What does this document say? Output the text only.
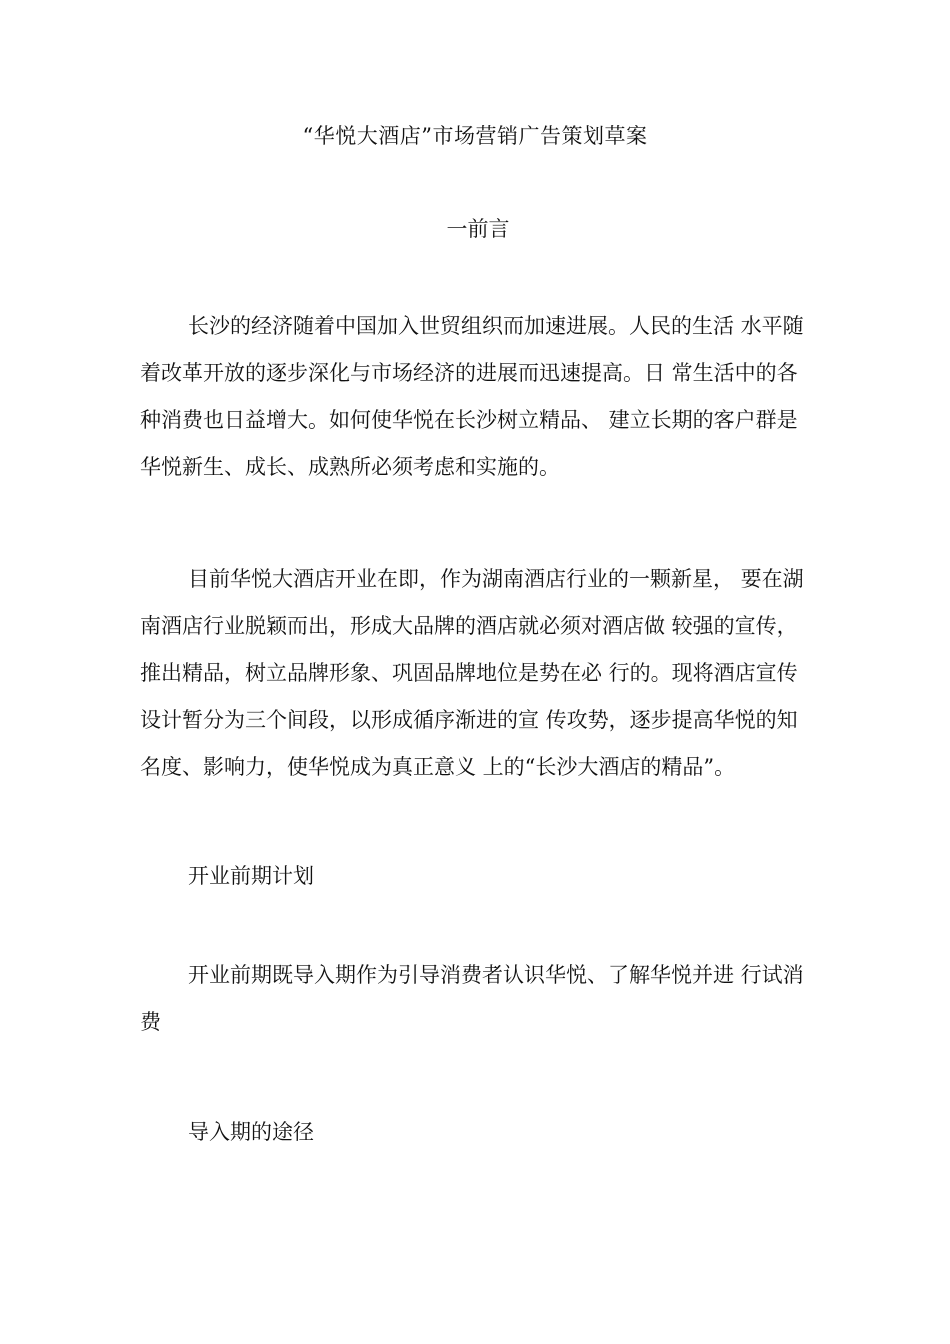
“华悦大酒店”市场营销广告策划草案
一前言
长沙的经济随着中国加入世贸组织而加速进展。人民的生活 水平随
着改革开放的逐步深化与市场经济的进展而迅速提高。日 常生活中的各
种消费也日益增大。如何使华悦在长沙树立精品、 建立长期的客户群是
华悦新生、成长、成熟所必须考虑和实施的。
目前华悦大酒店开业在即，作为湖南酒店行业的一颗新星， 要在湖
南酒店行业脱颖而出，形成大品牌的酒店就必须对酒店做 较强的宣传，
推出精品，树立品牌形象、巩固品牌地位是势在必 行的。现将酒店宣传
设计暂分为三个间段，以形成循序渐进的宣 传攻势，逐步提高华悦的知
名度、影响力，使华悦成为真正意义 上的“长沙大酒店的精品”。
开业前期计划
开业前期既导入期作为引导消费者认识华悦、了解华悦并进 行试消
费
导入期的途径
